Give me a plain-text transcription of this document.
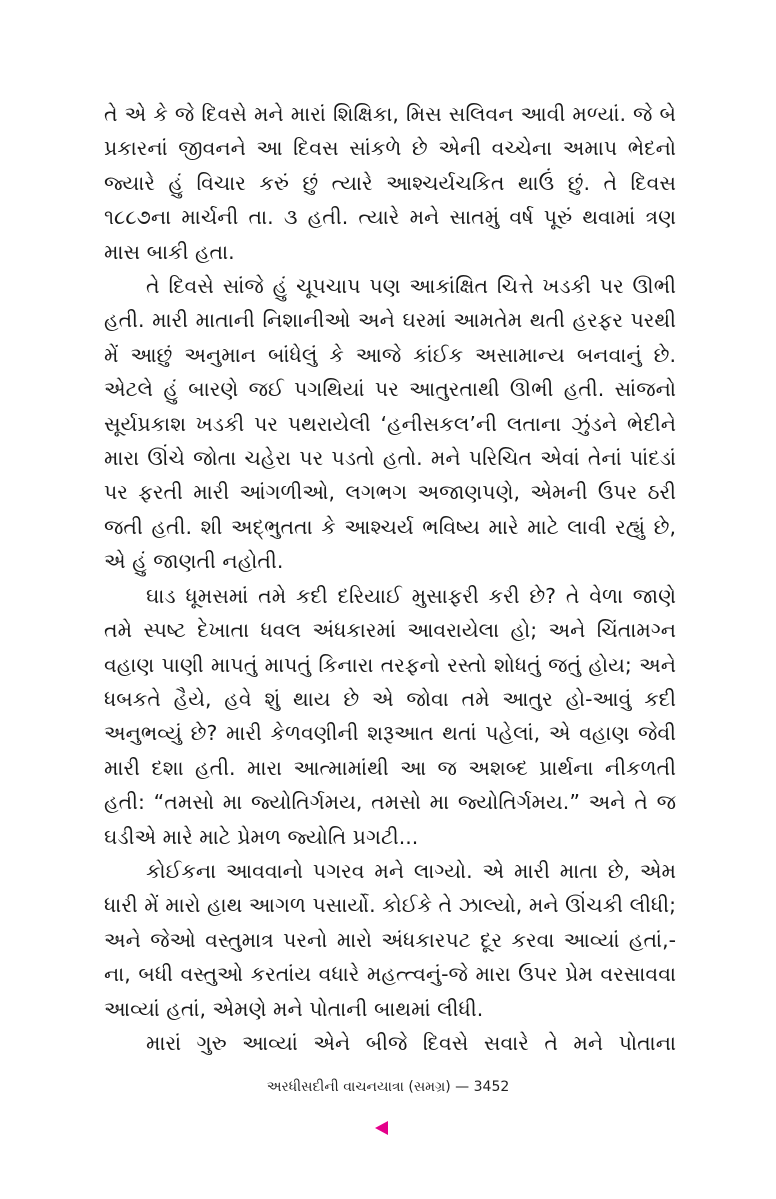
તે એ કે જે દિવસે મને મારાં શિક્ષિકા, મિસ સલિવન આવી મળ્યાં. જે બે પ્રકારનાં જીવનને આ દિવસ સાંકળે છે એની વચ્ચેના અમાપ ભેદનો જ્યારે હું વિચાર કરું છું ત્યારે આશ્ચર્યચકિત થાઉં છું. તે દિવસ ૧૮૮૭ના માર્ચની તા. ૩ હતી. ત્યારે મને સાતમું વર્ષ પૂરું થવામાં ત્રણ માસ બાકી હતા.

તે દિવસે સાંજે હું ચૂપચાપ પણ આકાંક્ષિત ચિત્તે ખડકી પર ઊભી હતી. મારી માતાની નિશાનીઓ અને ઘરમાં આમતેમ થતી હરફર પરથી મેં આછું અનુમાન બાંધેલું કે આજે કાંઈક અસામાન્ય બનવાનું છે. એટલે હું બારણે જઈ પગથિયાં પર આતુરતાથી ઊભી હતી. સાંજનો સૂર્યપ્રકાશ ખડકી પર પથરાયેલી ‘હનીસકલ’ની લતાના ઝુંડને ભેદીને મારા ઊંચે જોતા ચહેરા પર પડતો હતો. મને પરિચિત એવાં તેનાં પાંદડાં પર ફરતી મારી આંગળીઓ, લગભગ અજાણપણે, એમની ઉપર ઠરી જતી હતી. શી અદ્‌ભુતતા કે આશ્ચર્ય ભવિષ્ય મારે માટે લાવી રહ્યું છે, એ હું જાણતી નહોતી.

ઘાડ ધૂમસમાં તમે કદી દરિયાઈ મુસાફરી કરી છે? તે વેળા જાણે તમે સ્પષ્ટ દેખાતા ધવલ અંધકારમાં આવરાયેલા હો; અને ચિંતામગ્ન વહાણ પાણી માપતું માપતું કિનારા તરફનો રસ્તો શોધતું જતું હોય; અને ધબકતે હૈયે, હવે શું થાય છે એ જોવા તમે આતુર હો-આવું કદી અનુભવ્યું છે? મારી કેળવણીની શરૂઆત થતાં પહેલાં, એ વહાણ જેવી મારી દશા હતી. મારા આત્મામાંથી આ જ અશબ્દ પ્રાર્થના નીકળતી હતી: “તમસો મા જ્યોતિર્ગમય, તમસો મા જ્યોતિર્ગમય.” અને તે જ ઘડીએ મારે માટે પ્રેમળ જ્યોતિ પ્રગટી...

કોઈકના આવવાનો પગરવ મને લાગ્યો. એ મારી માતા છે, એમ ધારી મેં મારો હાથ આગળ પસાર્યો. કોઈકે તે ઝાલ્યો, મને ઊંચકી લીધી; અને જેઓ વસ્તુમાત્ર પરનો મારો અંધકારપટ દૂર કરવા આવ્યાં હતાં,-ના, બધી વસ્તુઓ કરતાંય વધારે મહત્ત્વનું-જે મારા ઉપર પ્રેમ વરસાવવા આવ્યાં હતાં, એમણે મને પોતાની બાથમાં લીધી.

મારાં ગુરુ આવ્યાં એને બીજે દિવસે સવારે તે મને પોતાના

અરધીસદીની વાચનયાત્રા (સમગ્ર) — 3452
